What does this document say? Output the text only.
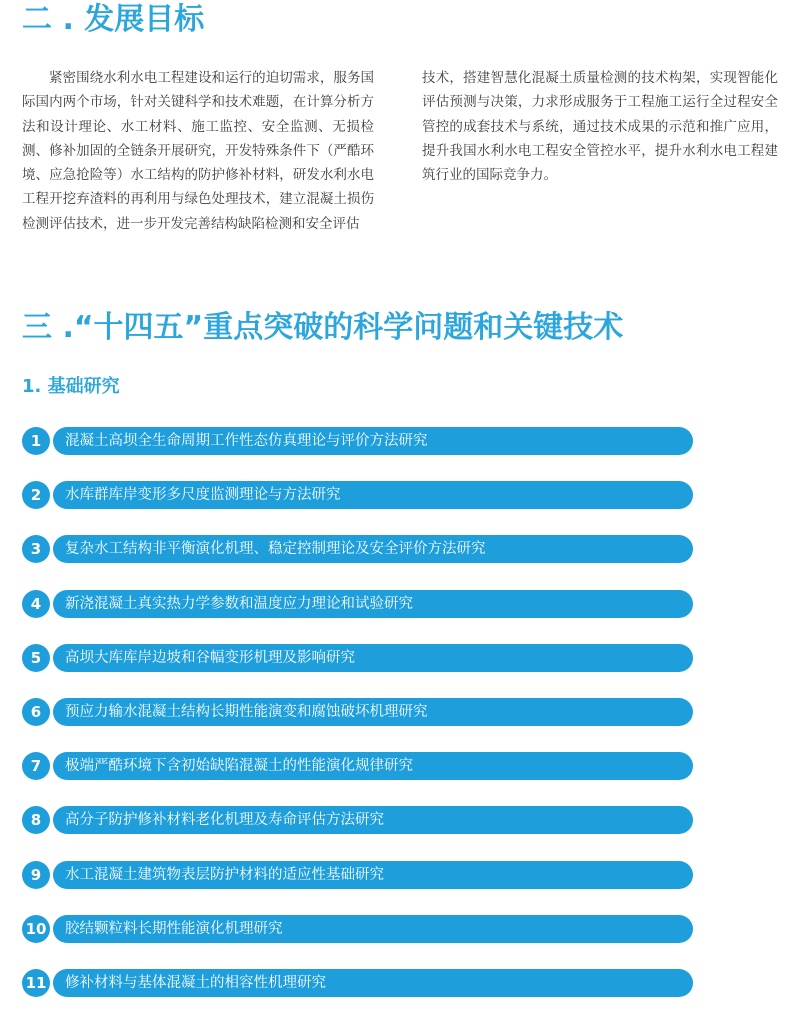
二 . 发展目标

紧密围绕水利水电工程建设和运行的迫切需求，服务国际国内两个市场，针对关键科学和技术难题，在计算分析方法和设计理论、水工材料、施工监控、安全监测、无损检测、修补加固的全链条开展研究，开发特殊条件下（严酷环境、应急抢险等）水工结构的防护修补材料，研发水利水电工程开挖弃渣料的再利用与绿色处理技术，建立混凝土损伤检测评估技术，进一步开发完善结构缺陷检测和安全评估

技术，搭建智慧化混凝土质量检测的技术构架，实现智能化评估预测与决策，力求形成服务于工程施工运行全过程安全管控的成套技术与系统，通过技术成果的示范和推广应用，提升我国水利水电工程安全管控水平，提升水利水电工程建筑行业的国际竞争力。

三 .“十四五”重点突破的科学问题和关键技术
1. 基础研究
1	混凝土高坝全生命周期工作性态仿真理论与评价方法研究
2	水库群库岸变形多尺度监测理论与方法研究
3	复杂水工结构非平衡演化机理、稳定控制理论及安全评价方法研究
4	新浇混凝土真实热力学参数和温度应力理论和试验研究
5	高坝大库库岸边坡和谷幅变形机理及影响研究
6	预应力输水混凝土结构长期性能演变和腐蚀破坏机理研究
7	极端严酷环境下含初始缺陷混凝土的性能演化规律研究
8	高分子防护修补材料老化机理及寿命评估方法研究
9	水工混凝土建筑物表层防护材料的适应性基础研究
10	胶结颗粒料长期性能演化机理研究
11	修补材料与基体混凝土的相容性机理研究
